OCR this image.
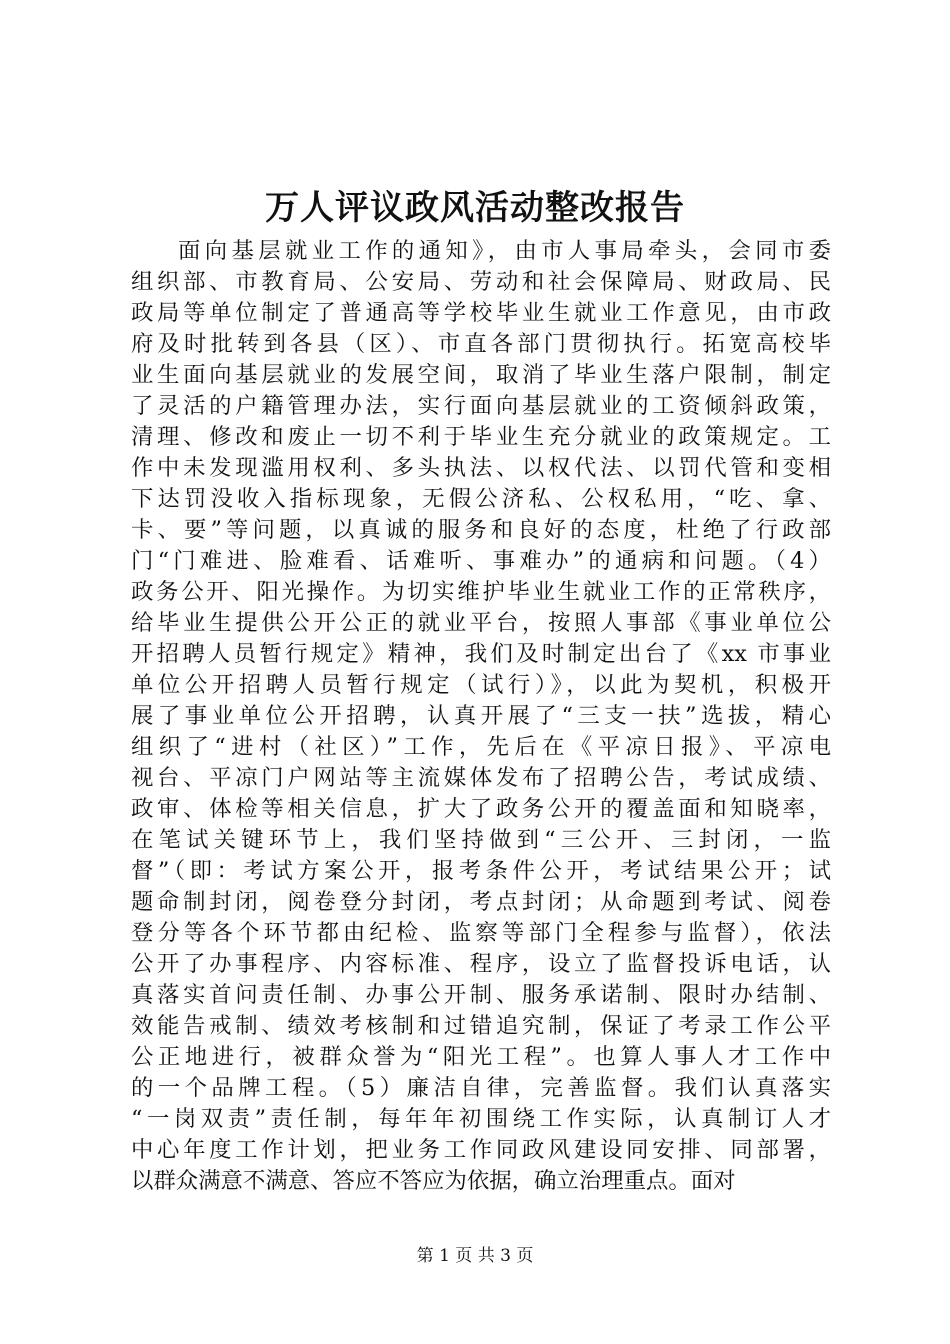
万人评议政风活动整改报告
面向基层就业工作的通知》，由市人事局牵头，会同市委
组织部、市教育局、公安局、劳动和社会保障局、财政局、民
政局等单位制定了普通高等学校毕业生就业工作意见，由市政
府及时批转到各县（区）、市直各部门贯彻执行。拓宽高校毕
业生面向基层就业的发展空间，取消了毕业生落户限制，制定
了灵活的户籍管理办法，实行面向基层就业的工资倾斜政策，
清理、修改和废止一切不利于毕业生充分就业的政策规定。工
作中未发现滥用权利、多头执法、以权代法、以罚代管和变相
下达罚没收入指标现象，无假公济私、公权私用，“吃、拿、
卡、要”等问题，以真诚的服务和良好的态度，杜绝了行政部
门“门难进、脸难看、话难听、事难办”的通病和问题。（4）
政务公开、阳光操作。为切实维护毕业生就业工作的正常秩序，
给毕业生提供公开公正的就业平台，按照人事部《事业单位公
开招聘人员暂行规定》精神，我们及时制定出台了《xx 市事业
单位公开招聘人员暂行规定（试行）》，以此为契机，积极开
展了事业单位公开招聘，认真开展了“三支一扶”选拔，精心
组织了“进村（社区）”工作，先后在《平凉日报》、平凉电
视台、平凉门户网站等主流媒体发布了招聘公告，考试成绩、
政审、体检等相关信息，扩大了政务公开的覆盖面和知晓率，
在笔试关键环节上，我们坚持做到“三公开、三封闭，一监
督”（即：考试方案公开，报考条件公开，考试结果公开；试
题命制封闭，阅卷登分封闭，考点封闭；从命题到考试、阅卷
登分等各个环节都由纪检、监察等部门全程参与监督），依法
公开了办事程序、内容标准、程序，设立了监督投诉电话，认
真落实首问责任制、办事公开制、服务承诺制、限时办结制、
效能告戒制、绩效考核制和过错追究制，保证了考录工作公平
公正地进行，被群众誉为“阳光工程”。也算人事人才工作中
的一个品牌工程。（5）廉洁自律，完善监督。我们认真落实
“一岗双责”责任制，每年年初围绕工作实际，认真制订人才
中心年度工作计划，把业务工作同政风建设同安排、同部署，
以群众满意不满意、答应不答应为依据，确立治理重点。面对
第 1 页 共 3 页
